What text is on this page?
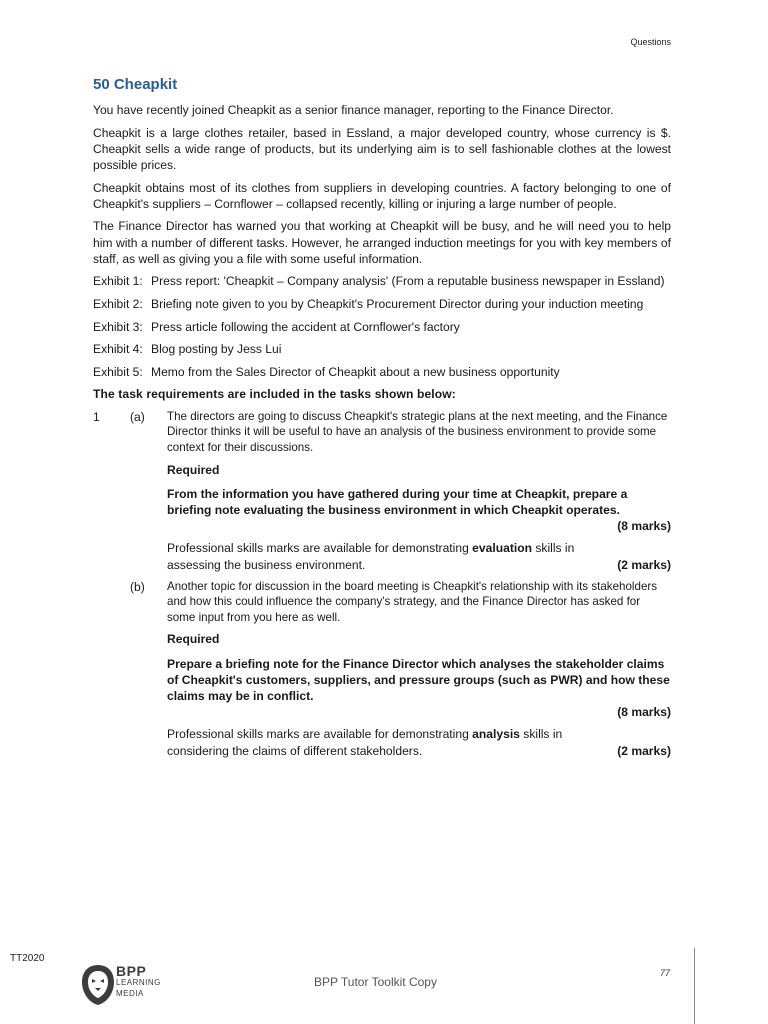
Questions
50 Cheapkit

You have recently joined Cheapkit as a senior finance manager, reporting to the Finance Director.

Cheapkit is a large clothes retailer, based in Essland, a major developed country, whose currency is $. Cheapkit sells a wide range of products, but its underlying aim is to sell fashionable clothes at the lowest possible prices.

Cheapkit obtains most of its clothes from suppliers in developing countries. A factory belonging to one of Cheapkit's suppliers – Cornflower – collapsed recently, killing or injuring a large number of people.

The Finance Director has warned you that working at Cheapkit will be busy, and he will need you to help him with a number of different tasks. However, he arranged induction meetings for you with key members of staff, as well as giving you a file with some useful information.

Exhibit 1: Press report: 'Cheapkit – Company analysis' (From a reputable business newspaper in Essland)
Exhibit 2: Briefing note given to you by Cheapkit's Procurement Director during your induction meeting
Exhibit 3: Press article following the accident at Cornflower's factory
Exhibit 4: Blog posting by Jess Lui
Exhibit 5: Memo from the Sales Director of Cheapkit about a new business opportunity

The task requirements are included in the tasks shown below:

1	(a) The directors are going to discuss Cheapkit's strategic plans at the next meeting, and the Finance Director thinks it will be useful to have an analysis of the business environment to provide some context for their discussions.

Required

From the information you have gathered during your time at Cheapkit, prepare a briefing note evaluating the business environment in which Cheapkit operates.

(8 marks)
Professional skills marks are available for demonstrating evaluation skills in assessing the business environment.	(2 marks)
(b) Another topic for discussion in the board meeting is Cheapkit's relationship with its stakeholders and how this could influence the company's strategy, and the Finance Director has asked for some input from you here as well.

Required

Prepare a briefing note for the Finance Director which analyses the stakeholder claims of Cheapkit's customers, suppliers, and pressure groups (such as PWR) and how these claims may be in conflict.

(8 marks)
Professional skills marks are available for demonstrating analysis skills in considering the claims of different stakeholders.	(2 marks)
TT2020
BPP
LEARNING
MEDIA
BPP Tutor Toolkit Copy
77
